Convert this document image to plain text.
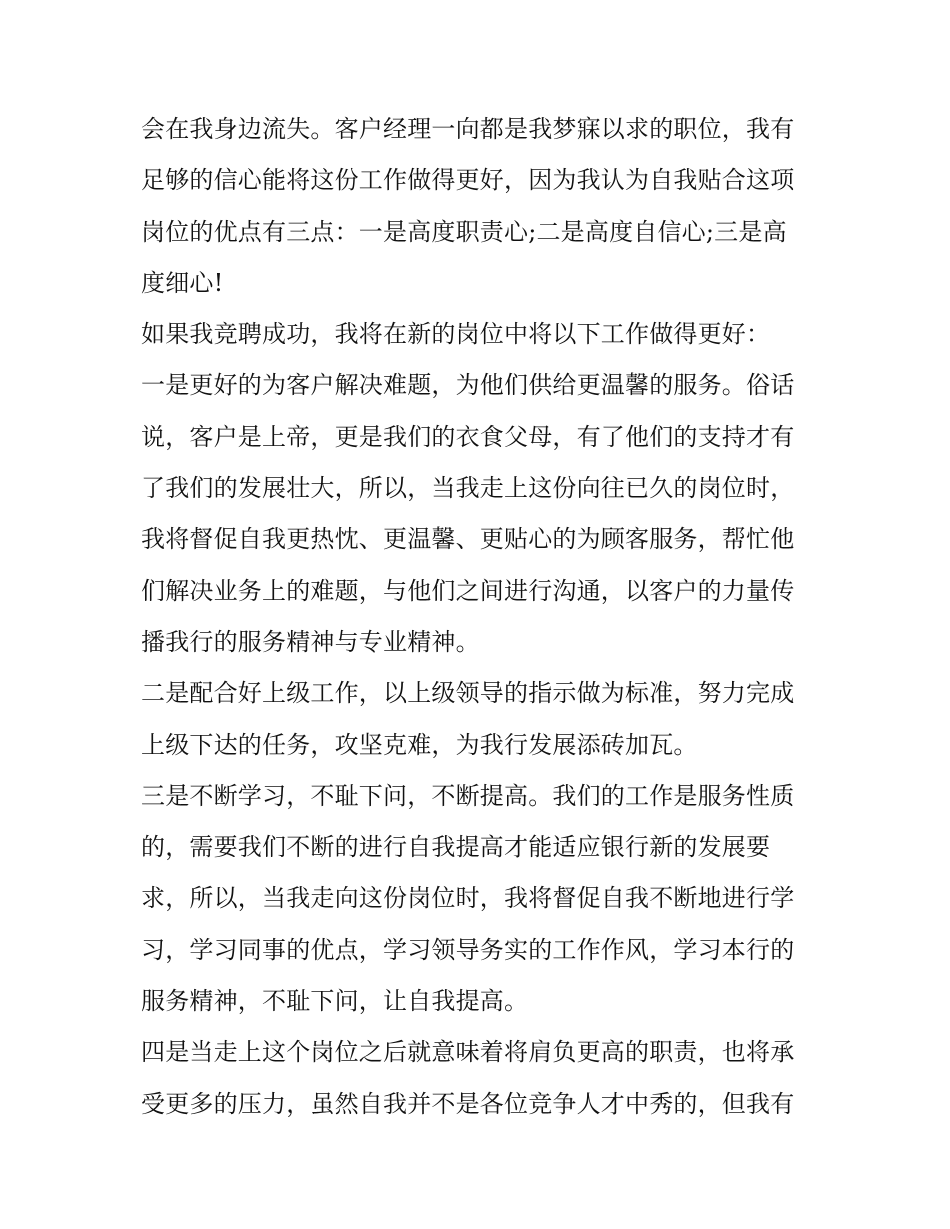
会在我身边流失。客户经理一向都是我梦寐以求的职位，我有
足够的信心能将这份工作做得更好，因为我认为自我贴合这项
岗位的优点有三点：一是高度职责心;二是高度自信心;三是高
度细心!
如果我竞聘成功，我将在新的岗位中将以下工作做得更好：
一是更好的为客户解决难题，为他们供给更温馨的服务。俗话
说，客户是上帝，更是我们的衣食父母，有了他们的支持才有
了我们的发展壮大，所以，当我走上这份向往已久的岗位时，
我将督促自我更热忱、更温馨、更贴心的为顾客服务，帮忙他
们解决业务上的难题，与他们之间进行沟通，以客户的力量传
播我行的服务精神与专业精神。
二是配合好上级工作，以上级领导的指示做为标准，努力完成
上级下达的任务，攻坚克难，为我行发展添砖加瓦。
三是不断学习，不耻下问，不断提高。我们的工作是服务性质
的，需要我们不断的进行自我提高才能适应银行新的发展要
求，所以，当我走向这份岗位时，我将督促自我不断地进行学
习，学习同事的优点，学习领导务实的工作作风，学习本行的
服务精神，不耻下问，让自我提高。
四是当走上这个岗位之后就意味着将肩负更高的职责，也将承
受更多的压力，虽然自我并不是各位竞争人才中秀的，但我有
